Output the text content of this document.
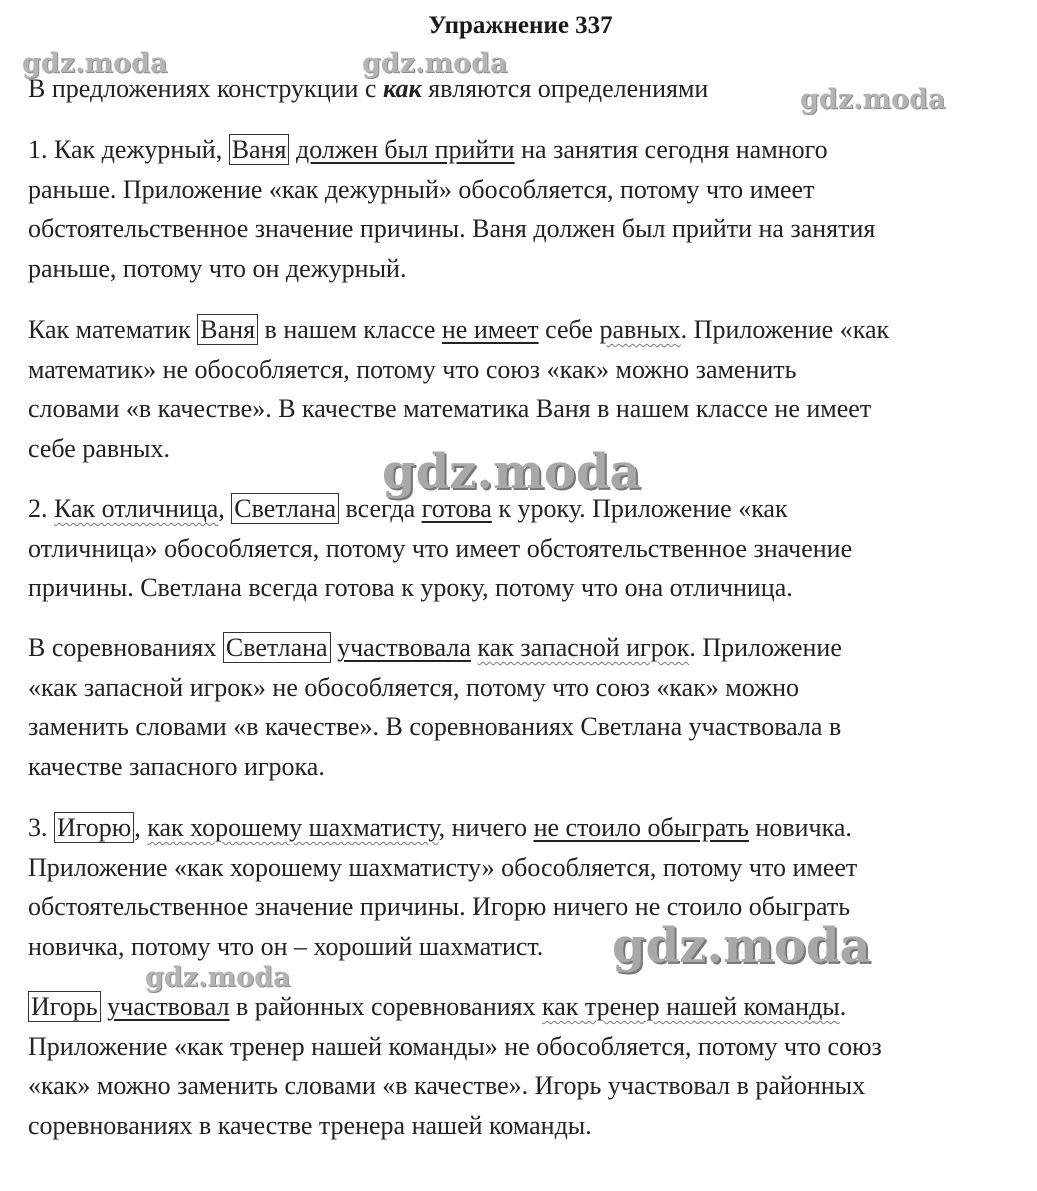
Упражнение 337
В предложениях конструкции с как являются определениями
1. Как дежурный, Ваня должен был прийти на занятия сегодня намного
раньше. Приложение «как дежурный» обособляется, потому что имеет
обстоятельственное значение причины. Ваня должен был прийти на занятия
раньше, потому что он дежурный.
Как математик Ваня в нашем классе не имеет себе равных. Приложение «как
математик» не обособляется, потому что союз «как» можно заменить
словами «в качестве». В качестве математика Ваня в нашем классе не имеет
себе равных.
2. Как отличница, Светлана всегда готова к уроку. Приложение «как
отличница» обособляется, потому что имеет обстоятельственное значение
причины. Светлана всегда готова к уроку, потому что она отличница.
В соревнованиях Светлана участвовала как запасной игрок. Приложение
«как запасной игрок» не обособляется, потому что союз «как» можно
заменить словами «в качестве». В соревнованиях Светлана участвовала в
качестве запасного игрока.
3. Игорю , как хорошему шахматисту, ничего не стоило обыграть новичка.
Приложение «как хорошему шахматисту» обособляется, потому что имеет
обстоятельственное значение причины. Игорю ничего не стоило обыграть
новичка, потому что он – хороший шахматист.
Игорь участвовал в районных соревнованиях как тренер нашей команды.
Приложение «как тренер нашей команды» не обособляется, потому что союз
«как» можно заменить словами «в качестве». Игорь участвовал в районных
соревнованиях в качестве тренера нашей команды.
gdz.moda	gdz.moda
gdz.moda
gdz.moda
gdz.moda
gdz.moda
